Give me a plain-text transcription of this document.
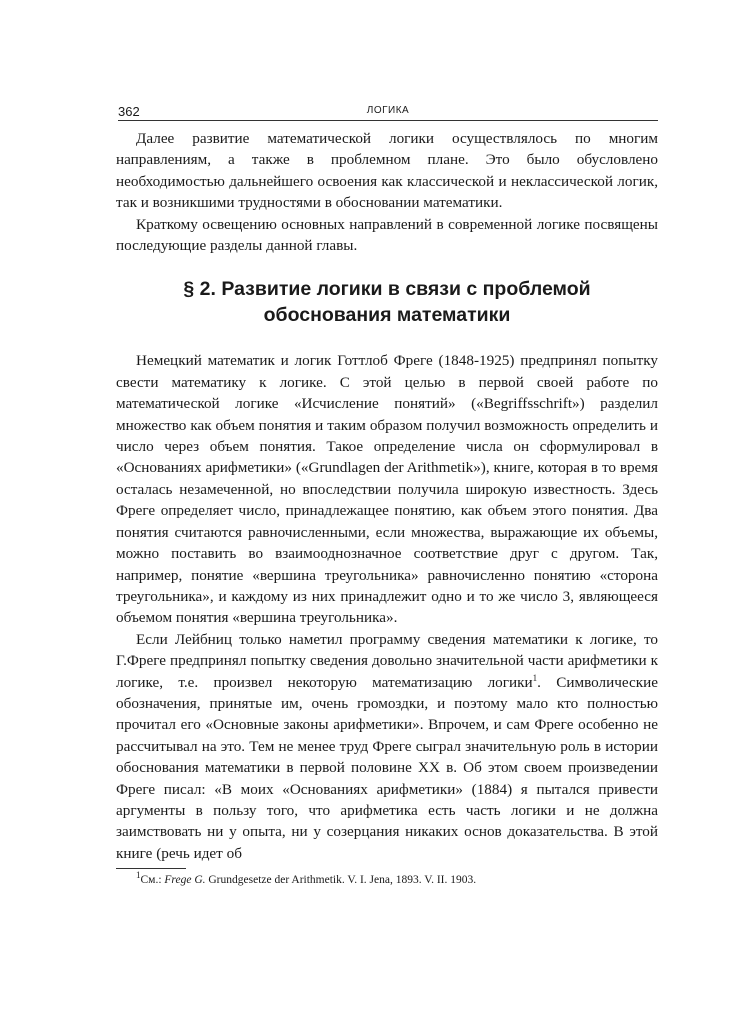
362	ЛОГИКА

Далее развитие математической логики осуществлялось по многим направлениям, а также в проблемном плане. Это было обусловлено необходимостью дальнейшего освоения как классической и неклассической логик, так и возникшими трудностями в обосновании математики.

Краткому освещению основных направлений в современной логике посвящены последующие разделы данной главы.

§ 2. Развитие логики в связи с проблемой
обоснования математики

Немецкий математик и логик Готтлоб Фреге (1848-1925) предпринял попытку свести математику к логике. С этой целью в первой своей работе по математической логике «Исчисление понятий» («Begriffsschrift») разделил множество как объем понятия и таким образом получил возможность определить и число через объем понятия. Такое определение числа он сформулировал в «Основаниях арифметики» («Grundlagen der Arithmetik»), книге, которая в то время осталась незамеченной, но впоследствии получила широкую известность. Здесь Фреге определяет число, принадлежащее понятию, как объем этого понятия. Два понятия считаются равночисленными, если множества, выражающие их объемы, можно поставить во взаимооднозначное соответствие друг с другом. Так, например, понятие «вершина треугольника» равночисленно понятию «сторона треугольника», и каждому из них принадлежит одно и то же число 3, являющееся объемом понятия «вершина треугольника».

Если Лейбниц только наметил программу сведения математики к логике, то Г.Фреге предпринял попытку сведения довольно значительной части арифметики к логике, т.е. произвел некоторую математизацию логики$^1$. Символические обозначения, принятые им, очень громоздки, и поэтому мало кто полностью прочитал его «Основные законы арифметики». Впрочем, и сам Фреге особенно не рассчитывал на это. Тем не менее труд Фреге сыграл значительную роль в истории обоснования математики в первой половине XX в. Об этом своем произведении Фреге писал: «В моих «Основаниях арифметики» (1884) я пытался привести аргументы в пользу того, что арифметика есть часть логики и не должна заимствовать ни у опыта, ни у созерцания никаких основ доказательства. В этой книге (речь идет об

$^1$См.: Frege G. Grundgesetze der Arithmetik. V. I. Jena, 1893. V. II. 1903.
